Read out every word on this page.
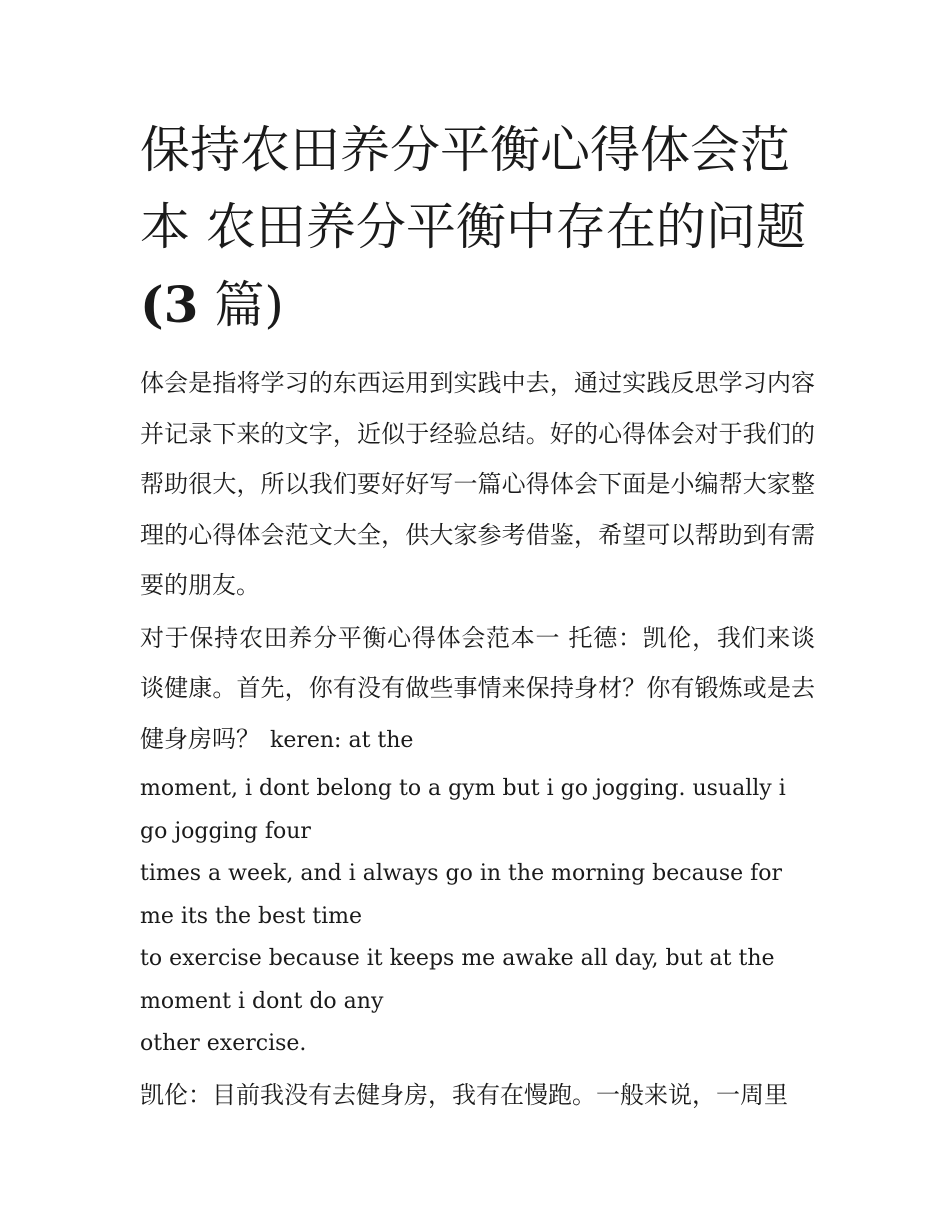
保持农田养分平衡心得体会范
本 农田养分平衡中存在的问题
(3 篇)

体会是指将学习的东西运用到实践中去，通过实践反思学习内容并记录下来的文字，近似于经验总结。好的心得体会对于我们的帮助很大，所以我们要好好写一篇心得体会下面是小编帮大家整理的心得体会范文大全，供大家参考借鉴，希望可以帮助到有需要的朋友。

对于保持农田养分平衡心得体会范本一 托德：凯伦，我们来谈谈健康。首先，你有没有做些事情来保持身材？你有锻炼或是去健身房吗？ keren: at the

moment, i dont belong to a gym but i go jogging. usually i go jogging four

times a week, and i always go in the morning because for me its the best time

to exercise because it keeps me awake all day, but at the moment i dont do any

other exercise.

凯伦：目前我没有去健身房，我有在慢跑。一般来说，一周里
